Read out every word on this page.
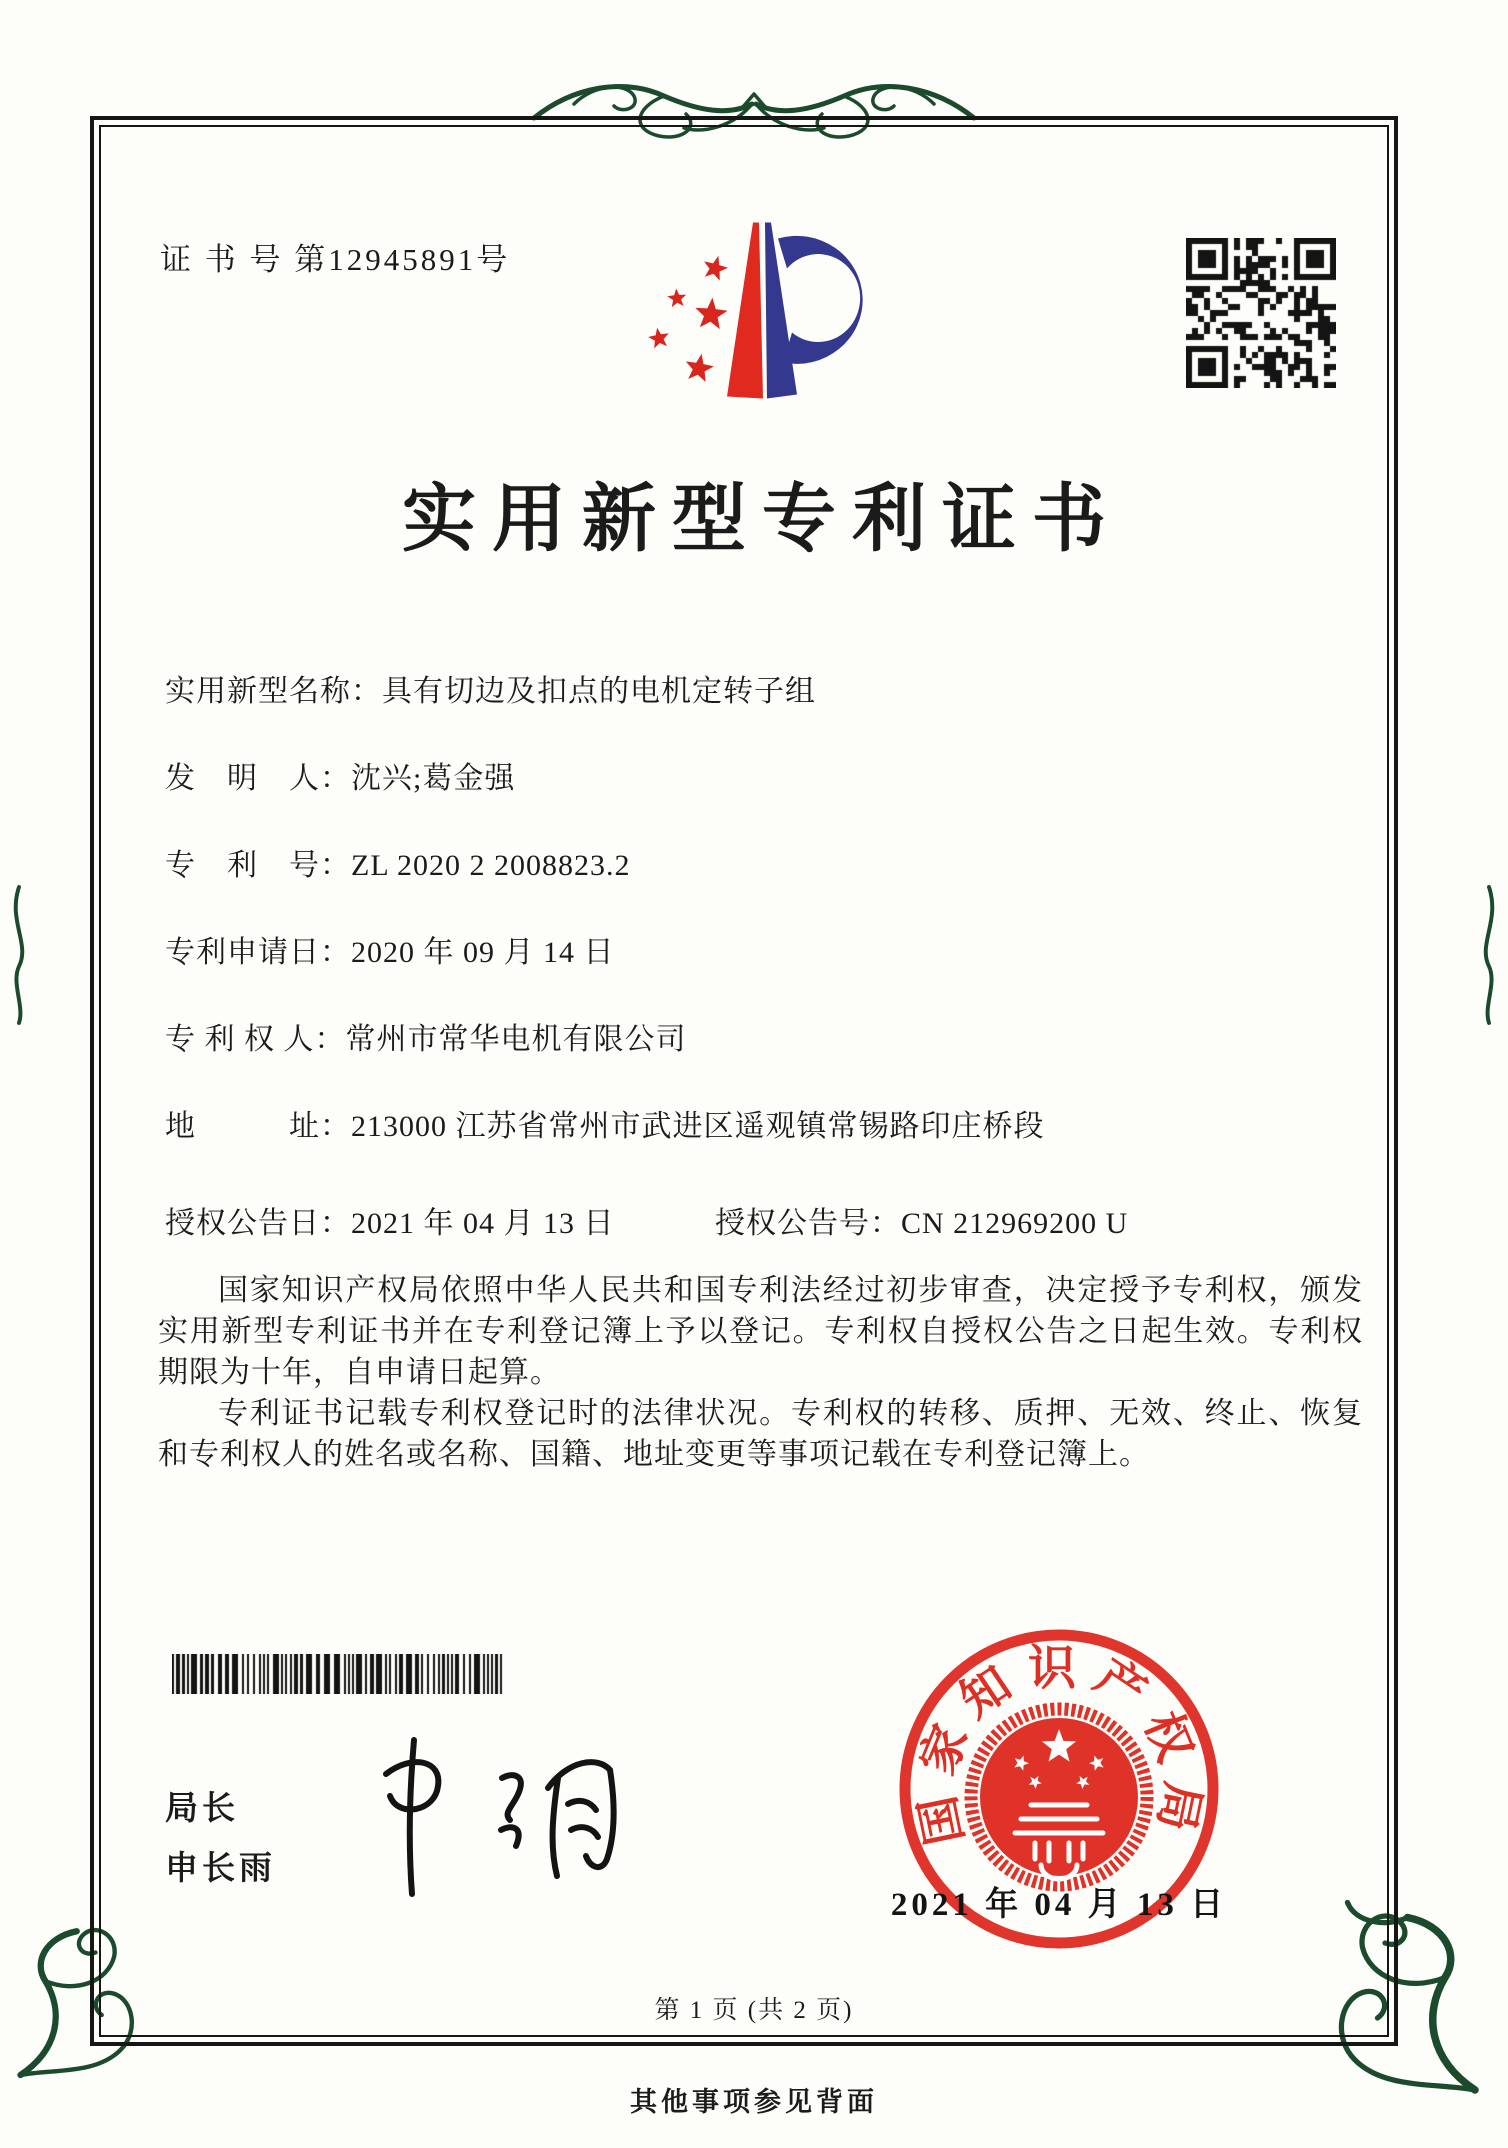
证 书 号 第12945891号
实用新型专利证书
实用新型名称：具有切边及扣点的电机定转子组
发　明　人：沈兴;葛金强
专　利　号：ZL 2020 2 2008823.2
专利申请日：2020 年 09 月 14 日
专 利 权 人：常州市常华电机有限公司
地　　　址：213000 江苏省常州市武进区遥观镇常锡路印庄桥段
授权公告日：2021 年 04 月 13 日	授权公告号：CN 212969200 U

国家知识产权局依照中华人民共和国专利法经过初步审查，决定授予专利权，颁发实用新型专利证书并在专利登记簿上予以登记。专利权自授权公告之日起生效。专利权期限为十年，自申请日起算。

专利证书记载专利权登记时的法律状况。专利权的转移、质押、无效、终止、恢复和专利权人的姓名或名称、国籍、地址变更等事项记载在专利登记簿上。

局长
申长雨
国家知识产权局
2021 年 04 月 13 日
第 1 页 (共 2 页)
其他事项参见背面
